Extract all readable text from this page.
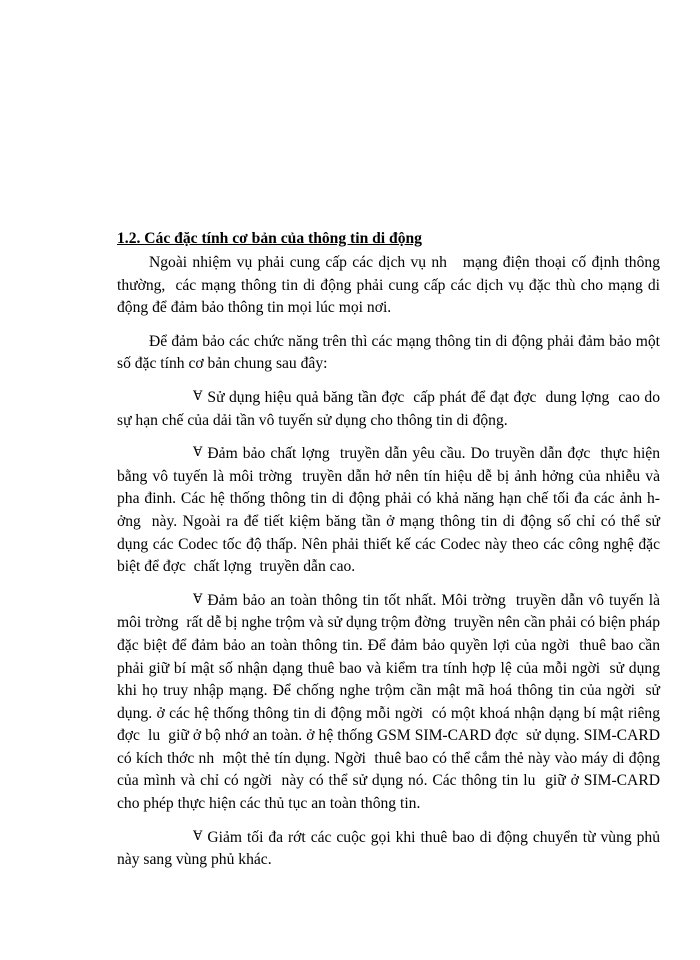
1.2. Các đặc tính cơ bản của thông tin di động

Ngoài nhiệm vụ phải cung cấp các dịch vụ nh   mạng điện thoại cố định thông thường,  các mạng thông tin di động phải cung cấp các dịch vụ đặc thù cho mạng di động để đảm bảo thông tin mọi lúc mọi nơi.

Để đảm bảo các chức năng trên thì các mạng thông tin di động phải đảm bảo một số đặc tính cơ bản chung sau đây:

Ɐ Sử dụng hiệu quả băng tần đợc  cấp phát để đạt đợc  dung lợng  cao do sự hạn chế của dải tần vô tuyến sử dụng cho thông tin di động.

Ɐ Đảm bảo chất lợng  truyền dẫn yêu cầu. Do truyền dẫn đợc  thực hiện bằng vô tuyến là môi trờng  truyền dẫn hở nên tín hiệu dễ bị ảnh hởng của nhiễu và pha đinh. Các hệ thống thông tin di động phải có khả năng hạn chế tối đa các ảnh hởng  này. Ngoài ra để tiết kiệm băng tần ở mạng thông tin di động số chỉ có thể sử dụng các Codec tốc độ thấp. Nên phải thiết kế các Codec này theo các công nghệ đặc biệt để đợc  chất lợng  truyền dẫn cao.

Ɐ Đảm bảo an toàn thông tin tốt nhất. Môi trờng  truyền dẫn vô tuyến là môi trờng  rất dễ bị nghe trộm và sử dụng trộm đờng  truyền nên cần phải có biện pháp đặc biệt để đảm bảo an toàn thông tin. Để đảm bảo quyền lợi của ngời  thuê bao cần phải giữ bí mật số nhận dạng thuê bao và kiểm tra tính hợp lệ của mỗi ngời  sử dụng khi họ truy nhập mạng. Để chống nghe trộm cần mật mã hoá thông tin của ngời  sử dụng. ở các hệ thống thông tin di động mỗi ngời  có một khoá nhận dạng bí mật riêng đợc  lu  giữ ở bộ nhớ an toàn. ở hệ thống GSM SIM-CARD đợc  sử dụng. SIM-CARD có kích thớc nh  một thẻ tín dụng. Ngời  thuê bao có thể cắm thẻ này vào máy di động của mình và chỉ có ngời  này có thể sử dụng nó. Các thông tin lu  giữ ở SIM-CARD cho phép thực hiện các thủ tục an toàn thông tin.

Ɐ Giảm tối đa rớt các cuộc gọi khi thuê bao di động chuyển từ vùng phủ này sang vùng phủ khác.
